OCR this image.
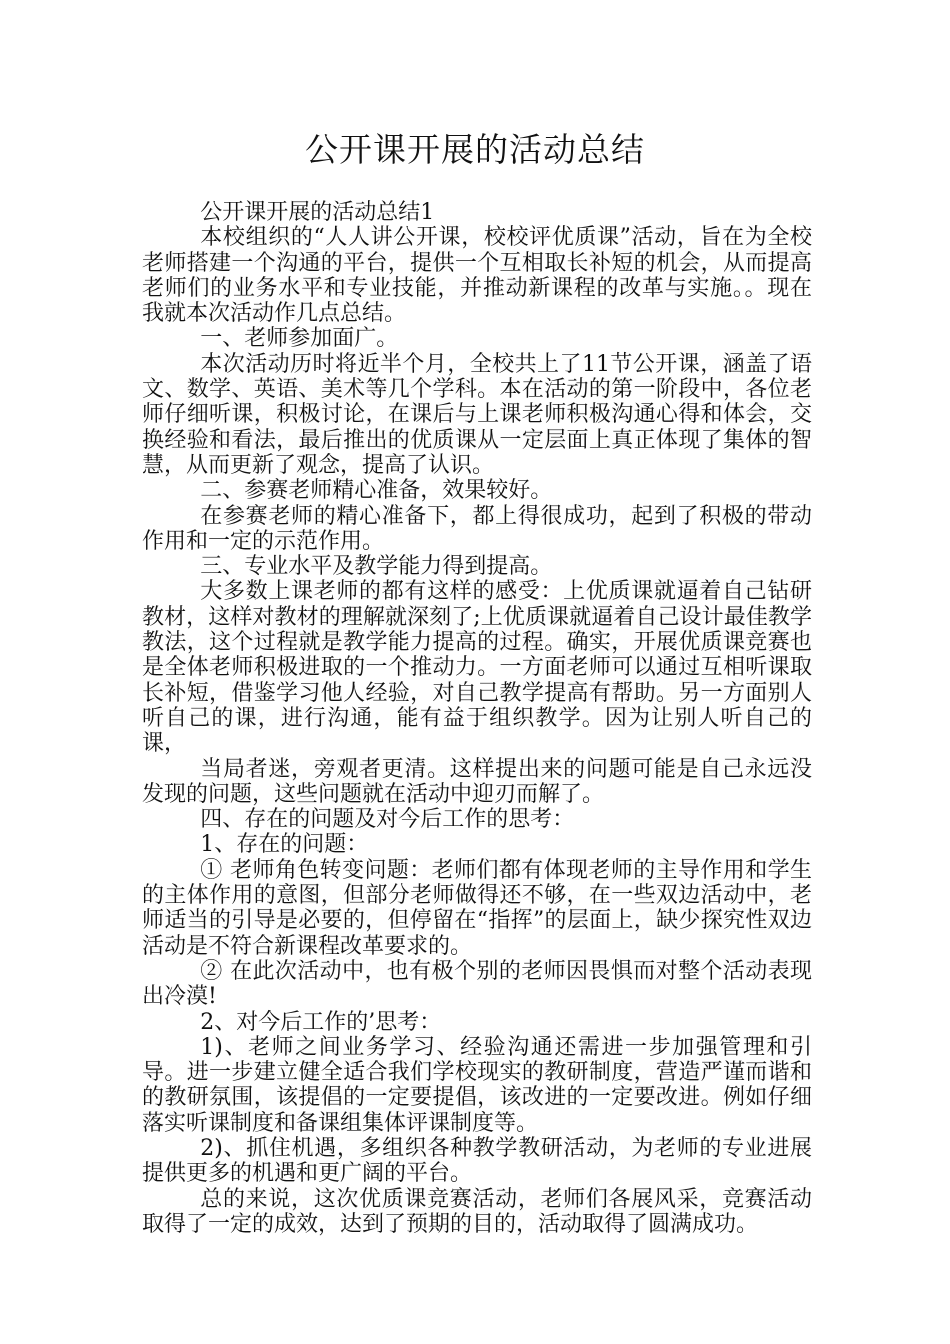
公开课开展的活动总结

公开课开展的活动总结1

本校组织的“人人讲公开课，校校评优质课”活动，旨在为全校老师搭建一个沟通的平台，提供一个互相取长补短的机会，从而提高老师们的业务水平和专业技能，并推动新课程的改革与实施。。现在我就本次活动作几点总结。

一、老师参加面广。

本次活动历时将近半个月，全校共上了11节公开课，涵盖了语文、数学、英语、美术等几个学科。本在活动的第一阶段中，各位老师仔细听课，积极讨论，在课后与上课老师积极沟通心得和体会，交换经验和看法，最后推出的优质课从一定层面上真正体现了集体的智慧，从而更新了观念，提高了认识。

二、参赛老师精心准备，效果较好。

在参赛老师的精心准备下，都上得很成功，起到了积极的带动作用和一定的示范作用。

三、专业水平及教学能力得到提高。

大多数上课老师的都有这样的感受：上优质课就逼着自己钻研教材，这样对教材的理解就深刻了;上优质课就逼着自己设计最佳教学教法，这个过程就是教学能力提高的过程。确实，开展优质课竞赛也是全体老师积极进取的一个推动力。一方面老师可以通过互相听课取长补短，借鉴学习他人经验，对自己教学提高有帮助。另一方面别人听自己的课，进行沟通，能有益于组织教学。因为让别人听自己的课，

当局者迷，旁观者更清。这样提出来的问题可能是自己永远没发现的问题，这些问题就在活动中迎刃而解了。

四、存在的问题及对今后工作的思考：

1、存在的问题：

① 老师角色转变问题：老师们都有体现老师的主导作用和学生的主体作用的意图，但部分老师做得还不够，在一些双边活动中，老师适当的引导是必要的，但停留在“指挥”的层面上，缺少探究性双边活动是不符合新课程改革要求的。

② 在此次活动中，也有极个别的老师因畏惧而对整个活动表现出冷漠!

2、对今后工作的’思考：

1)、老师之间业务学习、经验沟通还需进一步加强管理和引导。进一步建立健全适合我们学校现实的教研制度，营造严谨而谐和的教研氛围，该提倡的一定要提倡，该改进的一定要改进。例如仔细落实听课制度和备课组集体评课制度等。

2)、抓住机遇，多组织各种教学教研活动，为老师的专业进展提供更多的机遇和更广阔的平台。

总的来说，这次优质课竞赛活动，老师们各展风采，竞赛活动取得了一定的成效，达到了预期的目的，活动取得了圆满成功。
